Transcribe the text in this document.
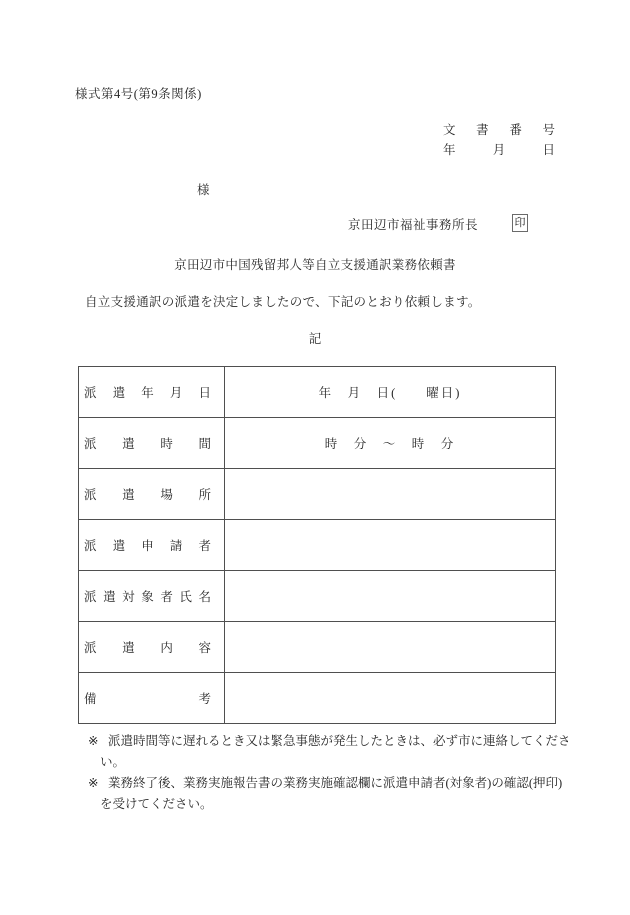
様式第4号(第9条関係)
文 書 番 号
年	月	日
様
京田辺市福祉事務所長	印
京田辺市中国残留邦人等自立支援通訳業務依頼書
自立支援通訳の派遣を決定しましたので、下記のとおり依頼します。
記
派 遣 年 月 日	年　月　日(　　曜日)

派 遣 時 間	時　分　～　時　分

派 遣 場 所	

派 遣 申 請 者	

派 遣 対 象 者 氏 名

派 遣 内 容	

備 考	

※ 派遣時間等に遅れるとき又は緊急事態が発生したときは、必ず市に連絡してくださ
い。
※ 業務終了後、業務実施報告書の業務実施確認欄に派遣申請者(対象者)の確認(押印)
を受けてください。
